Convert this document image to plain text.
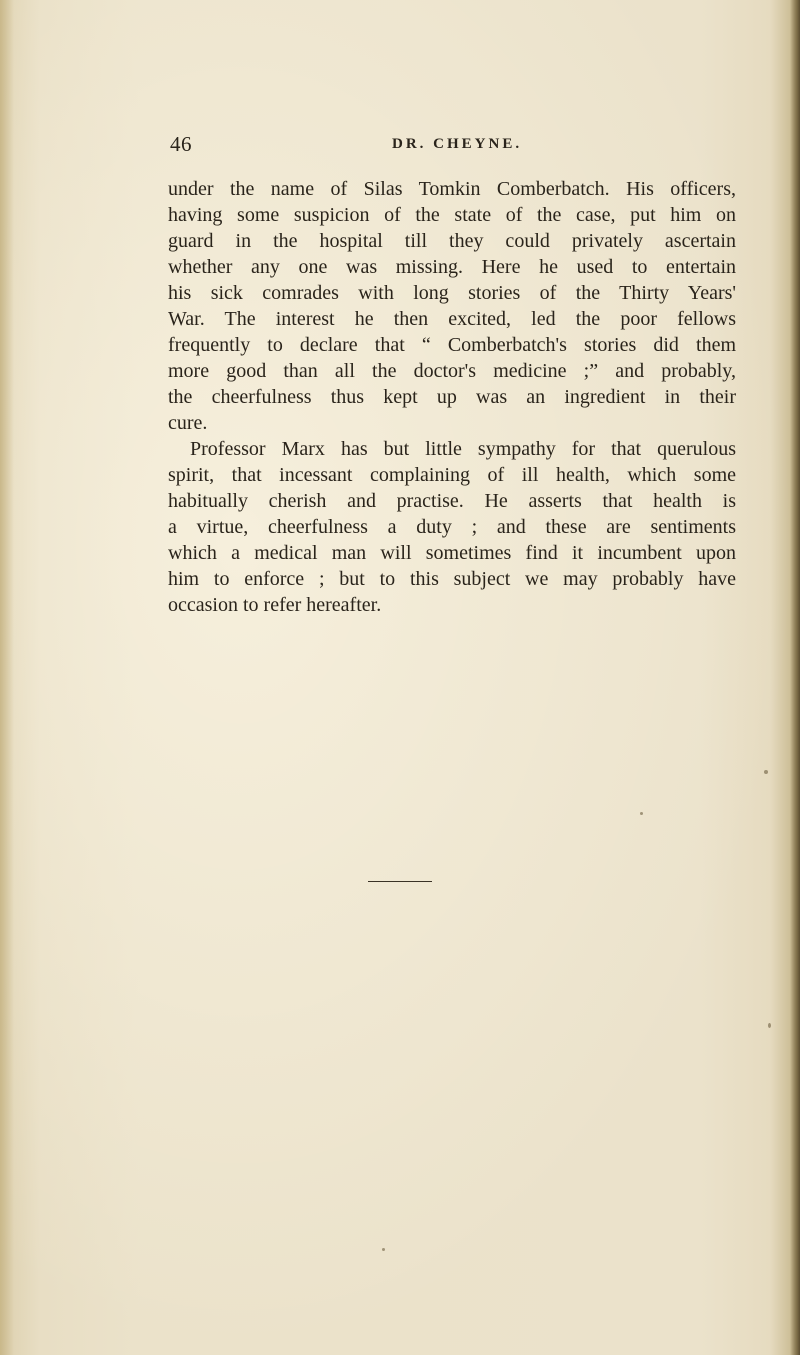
46	DR. CHEYNE.
under the name of Silas Tomkin Comberbatch. His officers,
having some suspicion of the state of the case, put him on
guard in the hospital till they could privately ascertain
whether any one was missing. Here he used to entertain
his sick comrades with long stories of the Thirty Years'
War. The interest he then excited, led the poor fellows
frequently to declare that “ Comberbatch's stories did them
more good than all the doctor's medicine ;” and probably,
the cheerfulness thus kept up was an ingredient in their
cure.
Professor Marx has but little sympathy for that querulous
spirit, that incessant complaining of ill health, which some
habitually cherish and practise. He asserts that health is
a virtue, cheerfulness a duty ; and these are sentiments
which a medical man will sometimes find it incumbent upon
him to enforce ; but to this subject we may probably have
occasion to refer hereafter.
